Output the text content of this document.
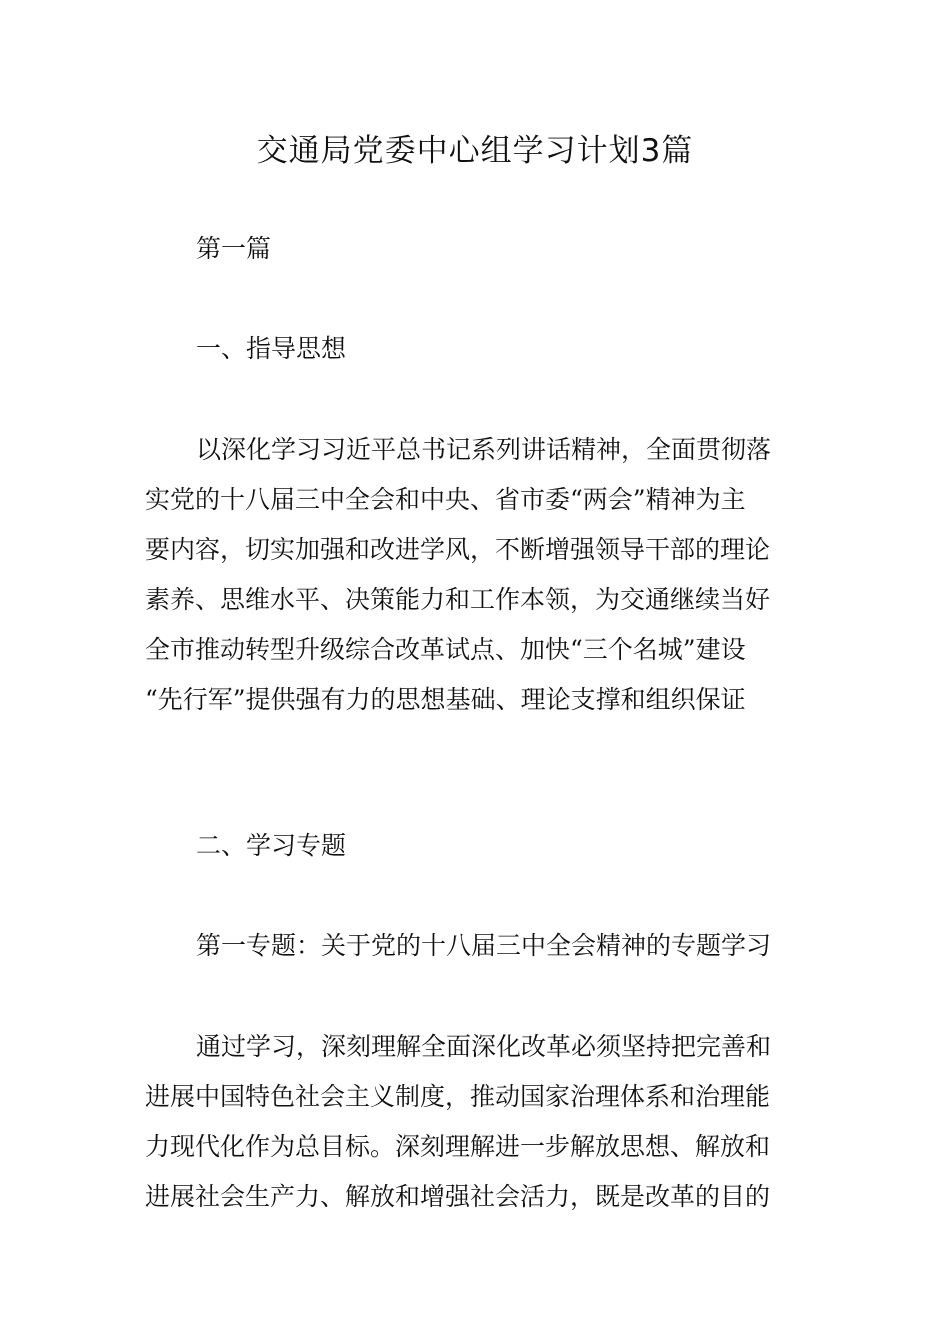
交通局党委中心组学习计划3篇
第一篇
一、指导思想
以深化学习习近平总书记系列讲话精神，全面贯彻落
实党的十八届三中全会和中央、省市委“两会”精神为主
要内容，切实加强和改进学风，不断增强领导干部的理论
素养、思维水平、决策能力和工作本领，为交通继续当好
全市推动转型升级综合改革试点、加快“三个名城”建设
“先行军”提供强有力的思想基础、理论支撑和组织保证
二、学习专题
第一专题：关于党的十八届三中全会精神的专题学习
通过学习，深刻理解全面深化改革必须坚持把完善和
进展中国特色社会主义制度，推动国家治理体系和治理能
力现代化作为总目标。深刻理解进一步解放思想、解放和
进展社会生产力、解放和增强社会活力，既是改革的目的
